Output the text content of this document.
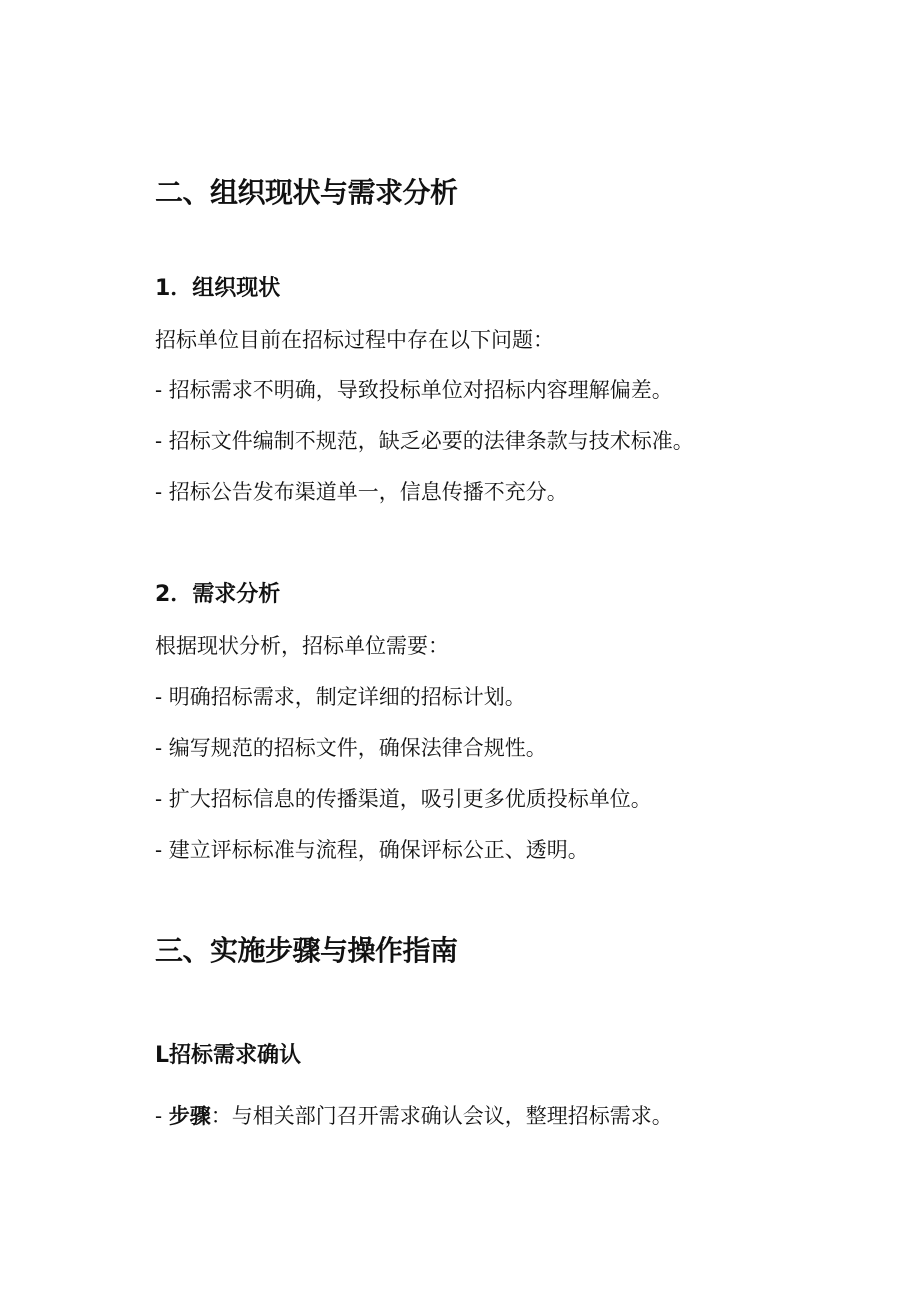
二、组织现状与需求分析
1．组织现状
招标单位目前在招标过程中存在以下问题：
- 招标需求不明确，导致投标单位对招标内容理解偏差。
- 招标文件编制不规范，缺乏必要的法律条款与技术标准。
- 招标公告发布渠道单一，信息传播不充分。
2．需求分析
根据现状分析，招标单位需要：
- 明确招标需求，制定详细的招标计划。
- 编写规范的招标文件，确保法律合规性。
- 扩大招标信息的传播渠道，吸引更多优质投标单位。
- 建立评标标准与流程，确保评标公正、透明。
三、实施步骤与操作指南
L招标需求确认
- 步骤：与相关部门召开需求确认会议，整理招标需求。
